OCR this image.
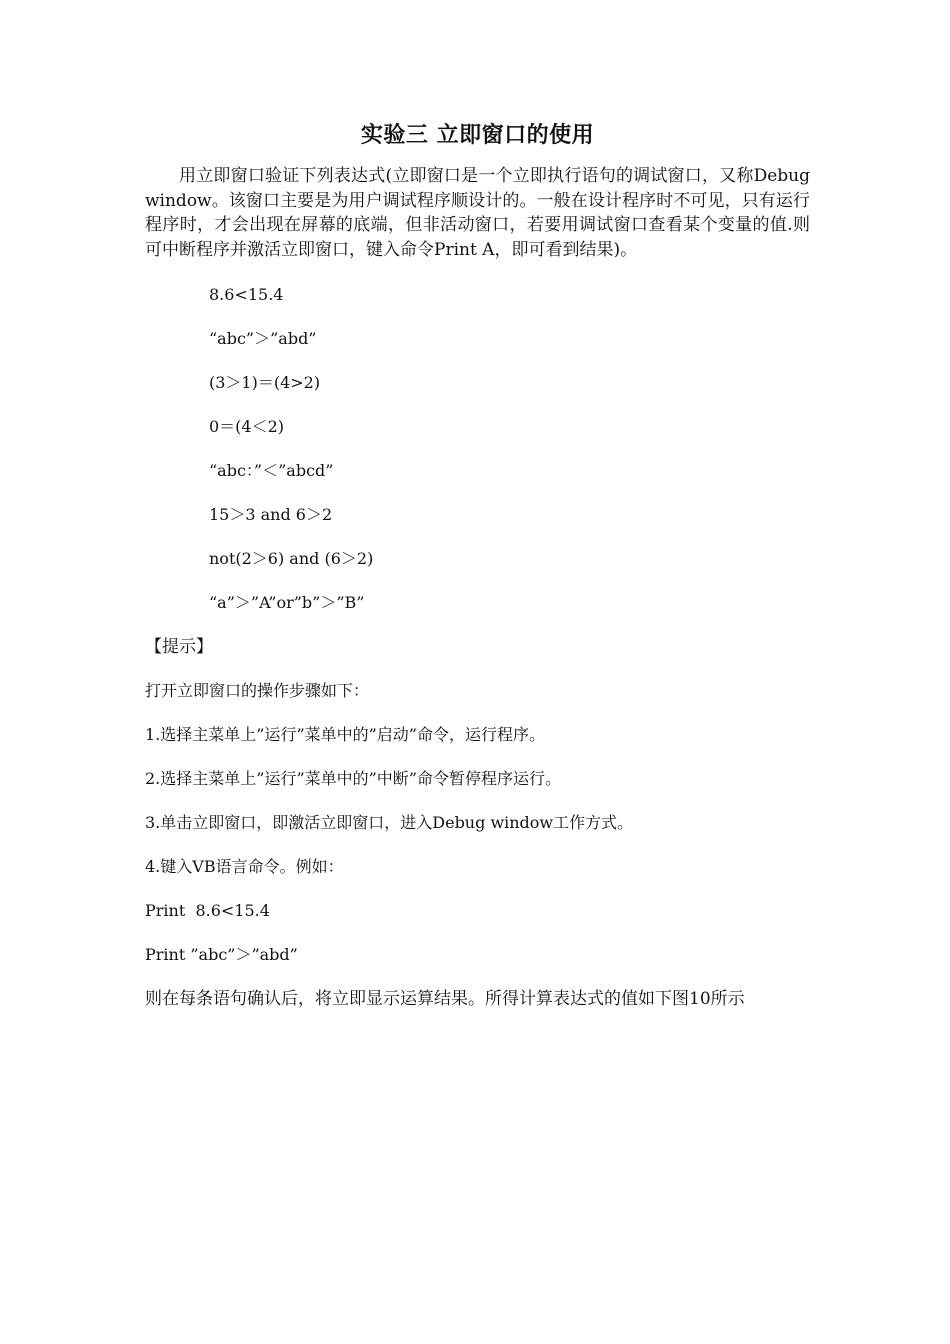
实验三 立即窗口的使用

用立即窗口验证下列表达式(立即窗口是一个立即执行语句的调试窗口，又称Debug window。该窗口主要是为用户调试程序顺设计的。一般在设计程序时不可见，只有运行程序时，才会出现在屏幕的底端，但非活动窗口，若要用调试窗口查看某个变量的值.则可中断程序并激活立即窗口，键入命令Print A，即可看到结果)。

8.6<15.4
“abc”＞”abd”
(3＞1)＝(4>2)
0＝(4＜2)
“abc：”＜”abcd”
15＞3 and 6＞2
not(2＞6) and (6＞2)
“a”＞”A”or”b”＞”B”
【提示】

打开立即窗口的操作步骤如下：

1.选择主菜单上”运行”菜单中的”启动”命令，运行程序。

2.选择主菜单上”运行”菜单中的”中断”命令暂停程序运行。

3.单击立即窗口，即激活立即窗口，进入Debug window工作方式。

4.键入VB语言命令。例如：

Print  8.6<15.4

Print ”abc”＞”abd”

则在每条语句确认后，将立即显示运算结果。所得计算表达式的值如下图10所示
